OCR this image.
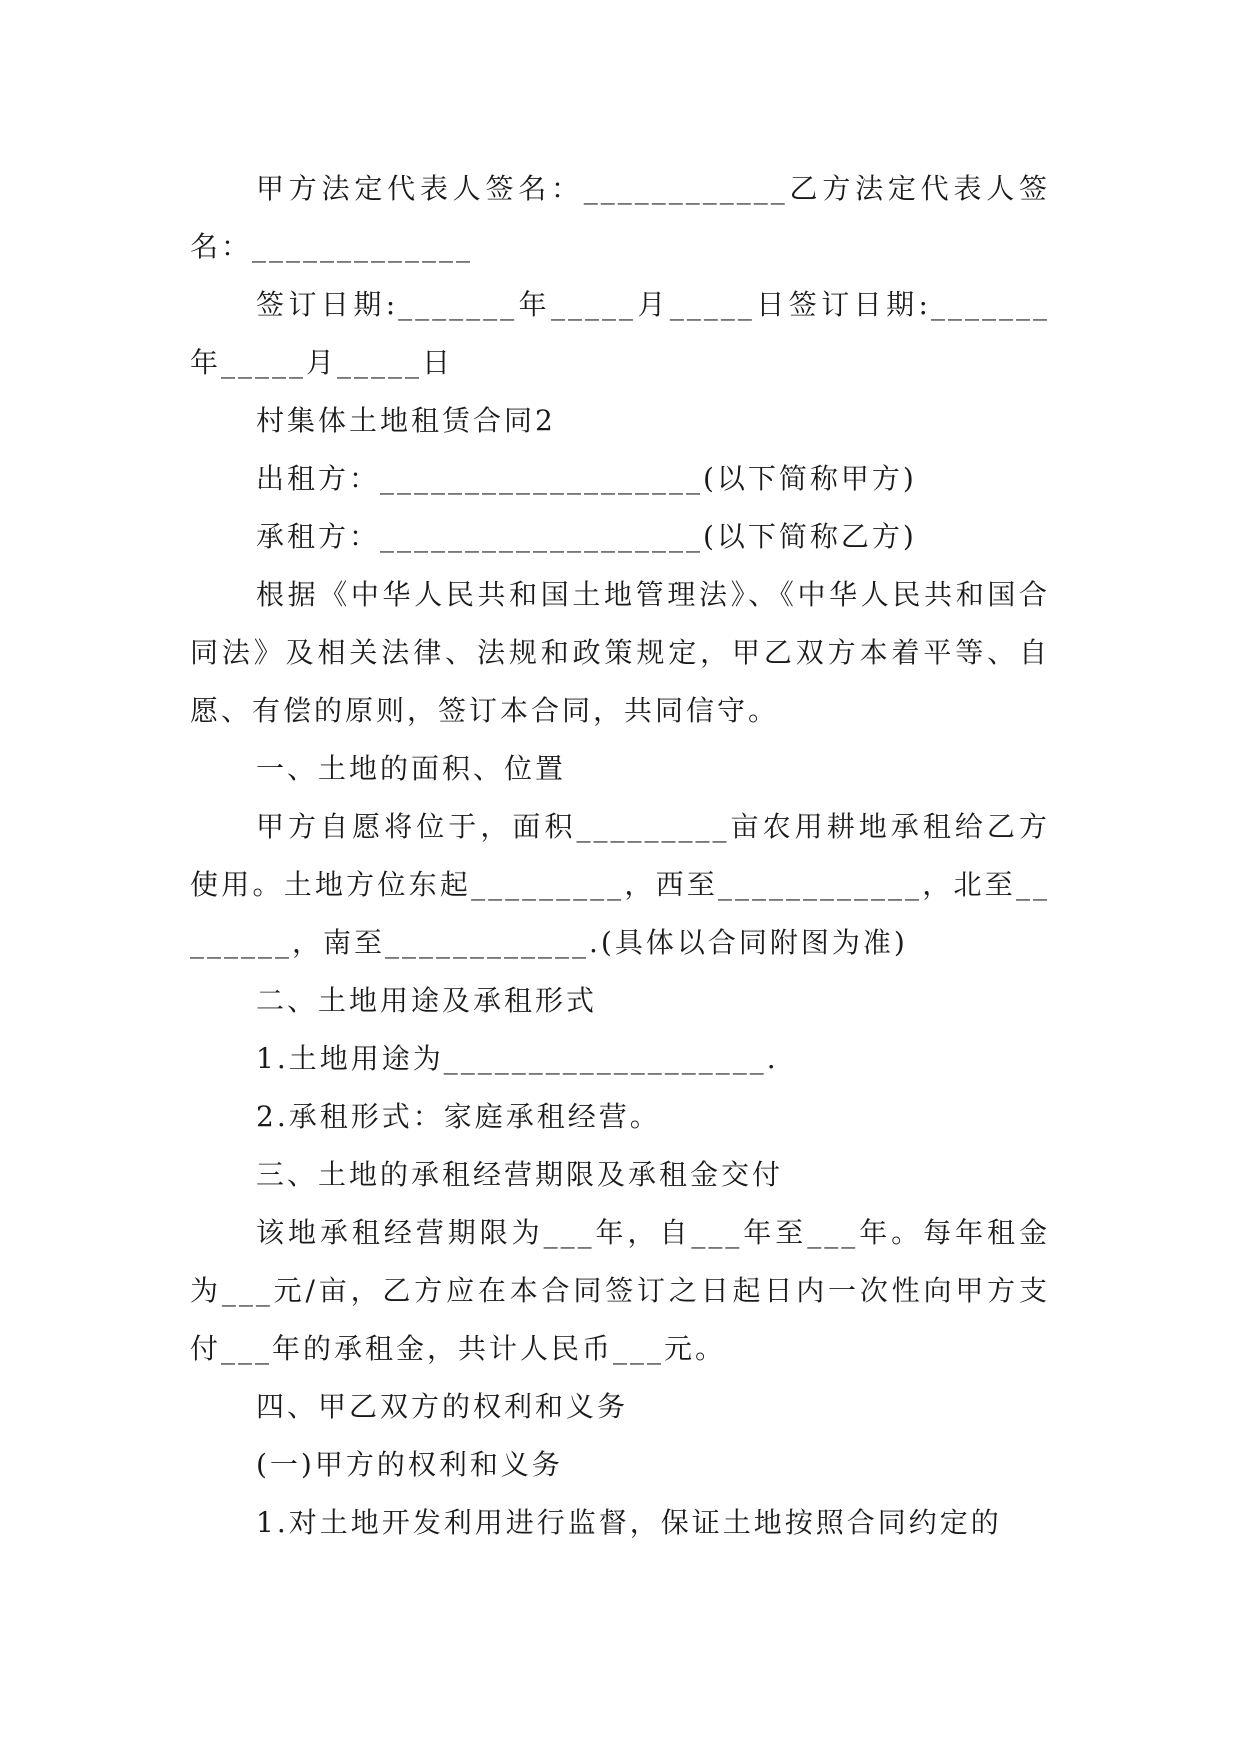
甲方法定代表人签名：____________乙方法定代表人签名：_____________

签订日期:_______年_____月_____日签订日期:_______年_____月_____日

村集体土地租赁合同2

出租方：___________________(以下简称甲方)

承租方：___________________(以下简称乙方)

根据《中华人民共和国土地管理法》、《中华人民共和国合同法》及相关法律、法规和政策规定，甲乙双方本着平等、自愿、有偿的原则，签订本合同，共同信守。

一、土地的面积、位置

甲方自愿将位于，面积_________亩农用耕地承租给乙方使用。土地方位东起_________，西至____________，北至________，南至____________.(具体以合同附图为准)

二、土地用途及承租形式

1.土地用途为___________________.

2.承租形式：家庭承租经营。

三、土地的承租经营期限及承租金交付

该地承租经营期限为___年，自___年至___年。每年租金为___元/亩，乙方应在本合同签订之日起日内一次性向甲方支付___年的承租金，共计人民币___元。

四、甲乙双方的权利和义务

(一)甲方的权利和义务

1.对土地开发利用进行监督，保证土地按照合同约定的
